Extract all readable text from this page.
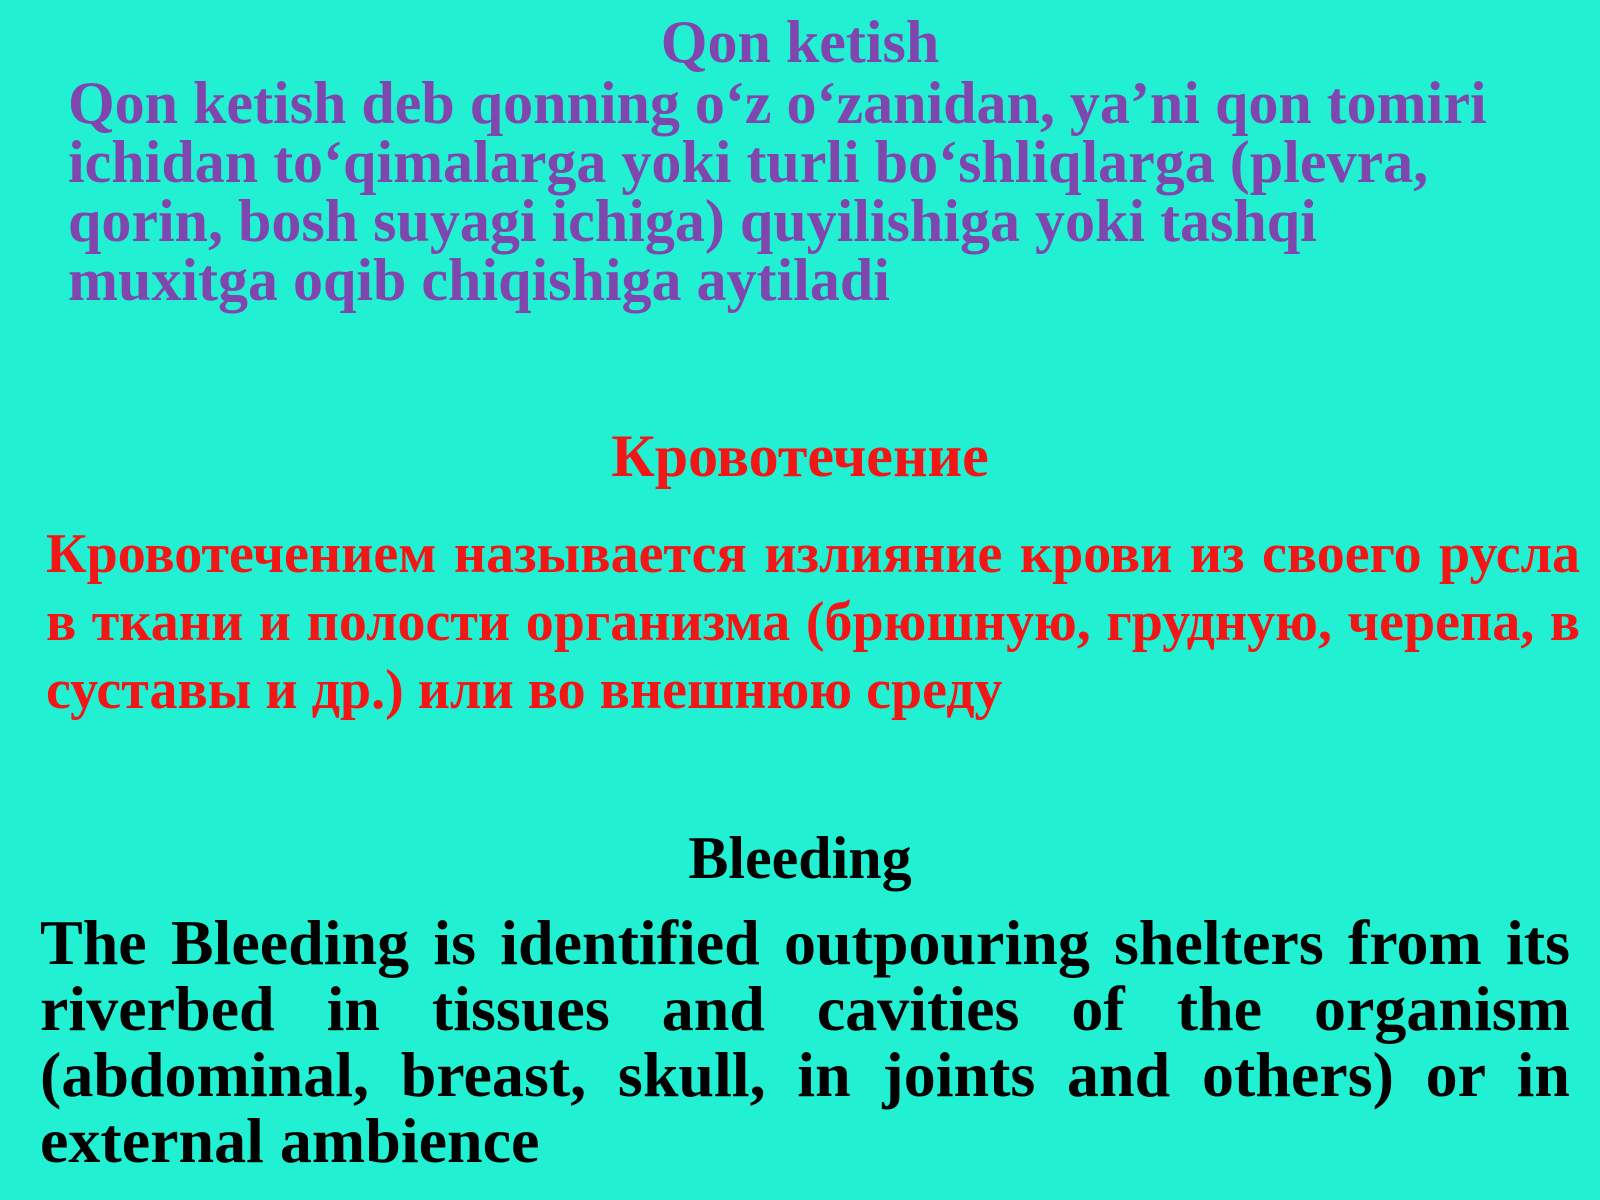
Qon ketish

Qon ketish deb qonning o‘z o‘zanidan, ya’ni qon tomiri ichidan to‘qimalarga yoki turli bo‘shliqlarga (plevra, qorin, bosh suyagi ichiga) quyilishiga yoki tashqi muxitga oqib chiqishiga aytiladi

Кровотечение

Кровотечением называется излияние крови из своего русла в ткани и полости организма (брюшную, грудную, черепа, в суставы и др.) или во внешнюю среду

Bleeding

The Bleeding is identified outpouring shelters from its riverbed in tissues and cavities of the organism (abdominal, breast, skull, in joints and others) or in external ambience
